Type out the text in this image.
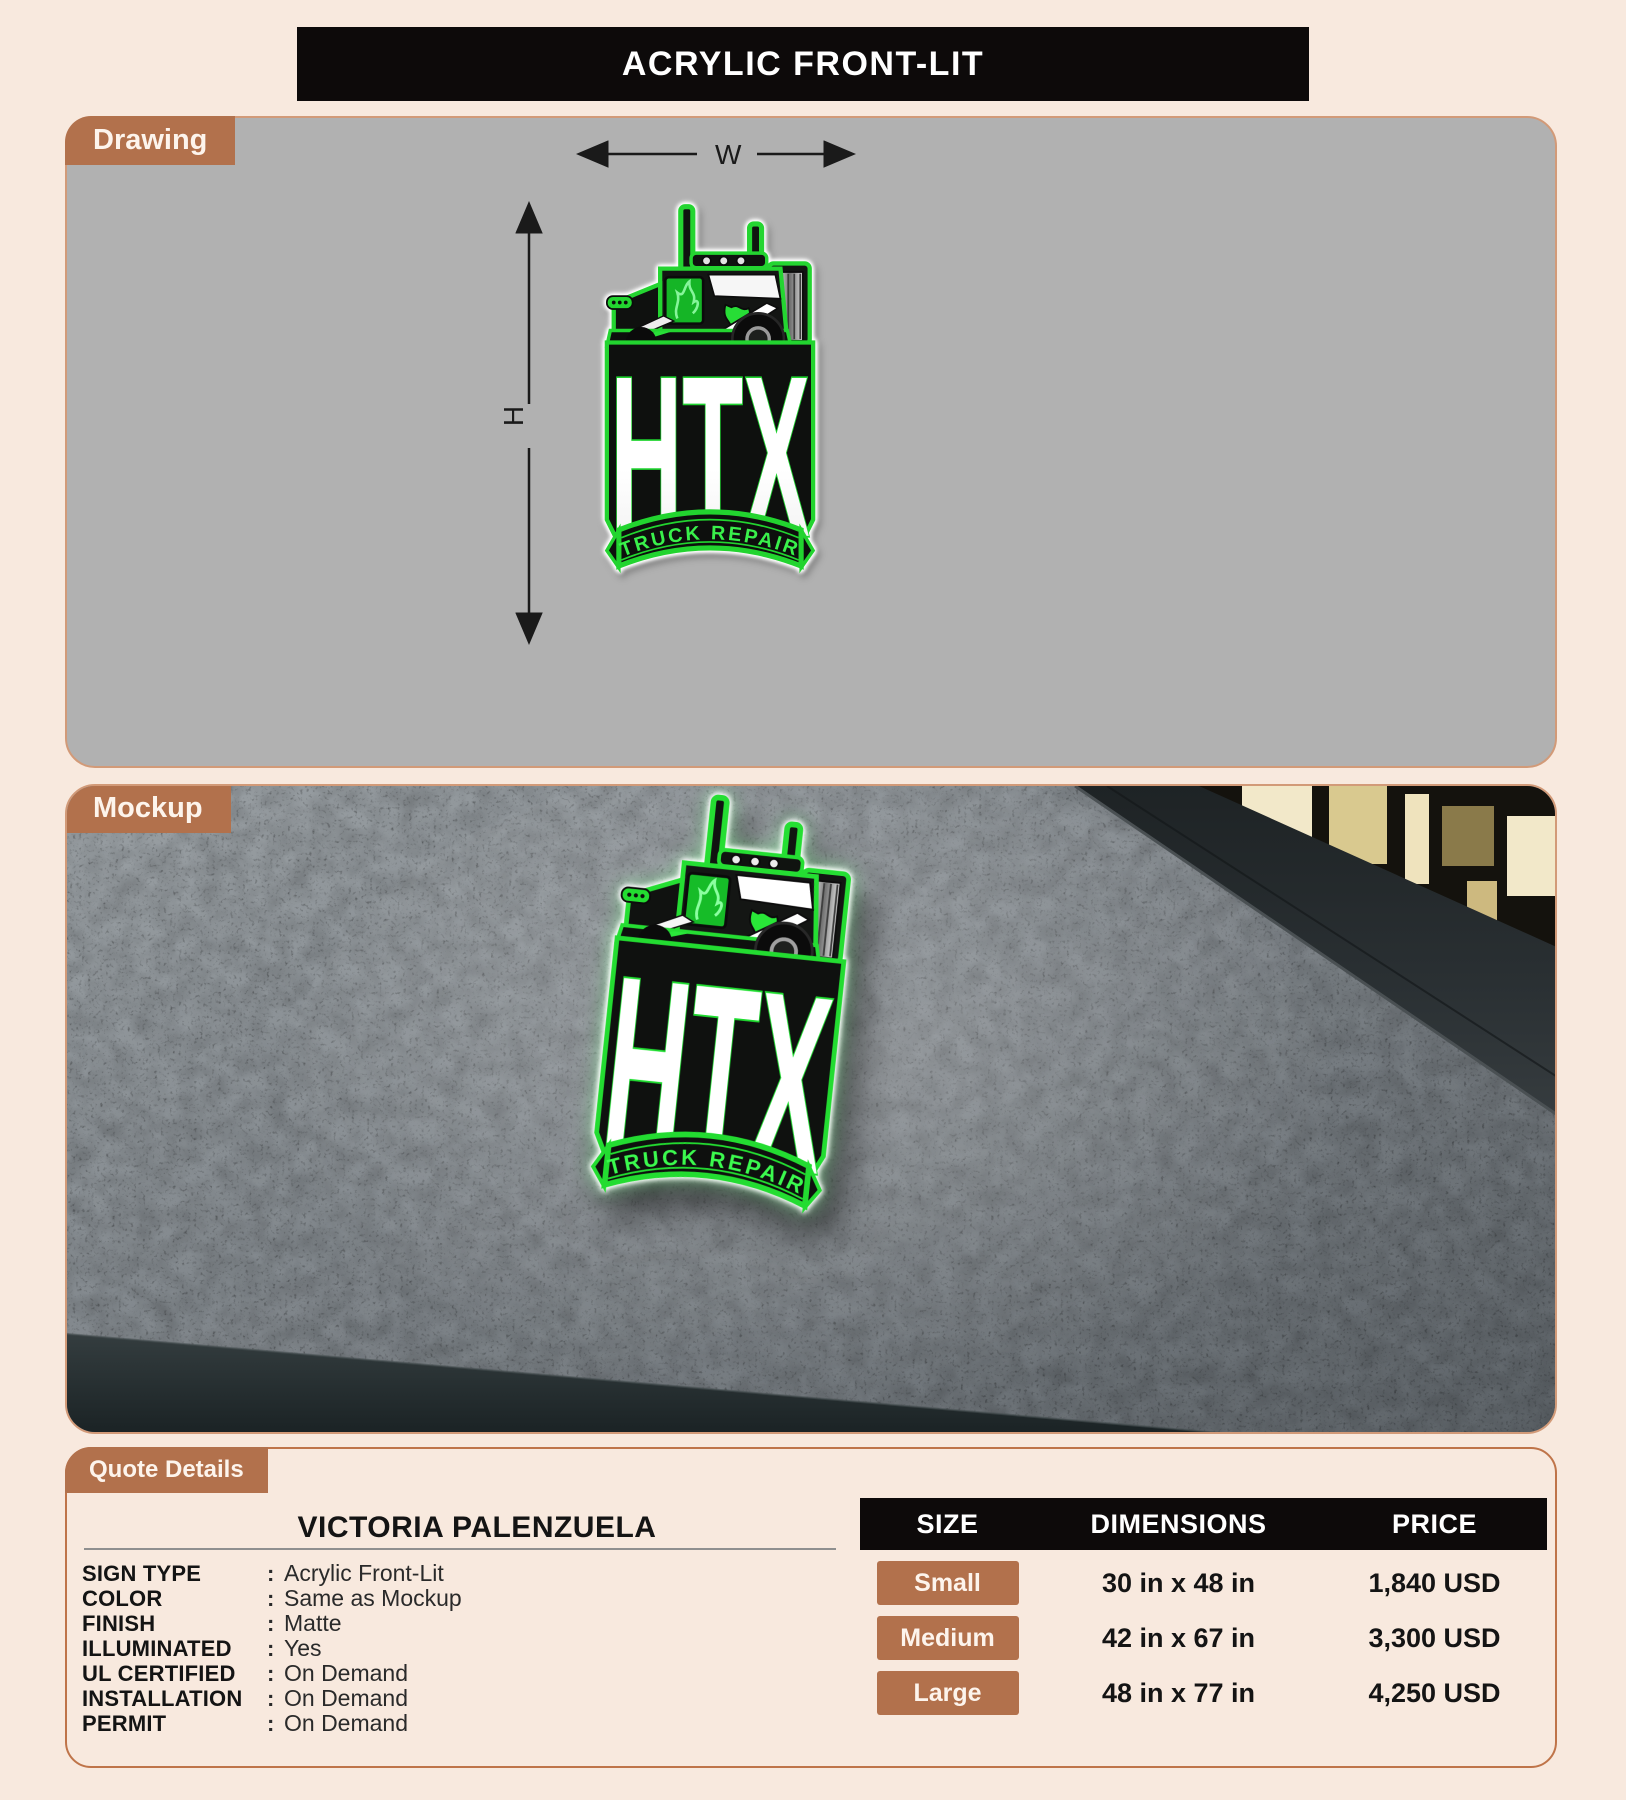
ACRYLIC FRONT-LIT
Drawing	W
H
Mockup
Quote Details
VICTORIA PALENZUELA
SIGN TYPE	: Acrylic Front-Lit
COLOR	: Same as Mockup
FINISH	: Matte
ILLUMINATED	: Yes
UL CERTIFIED	: On Demand
INSTALLATION	: On Demand
PERMIT	: On Demand
SIZE	DIMENSIONS	PRICE
Small	30 in x 48 in	1,840 USD
Medium	42 in x 67 in	3,300 USD
Large	48 in x 77 in	4,250 USD
